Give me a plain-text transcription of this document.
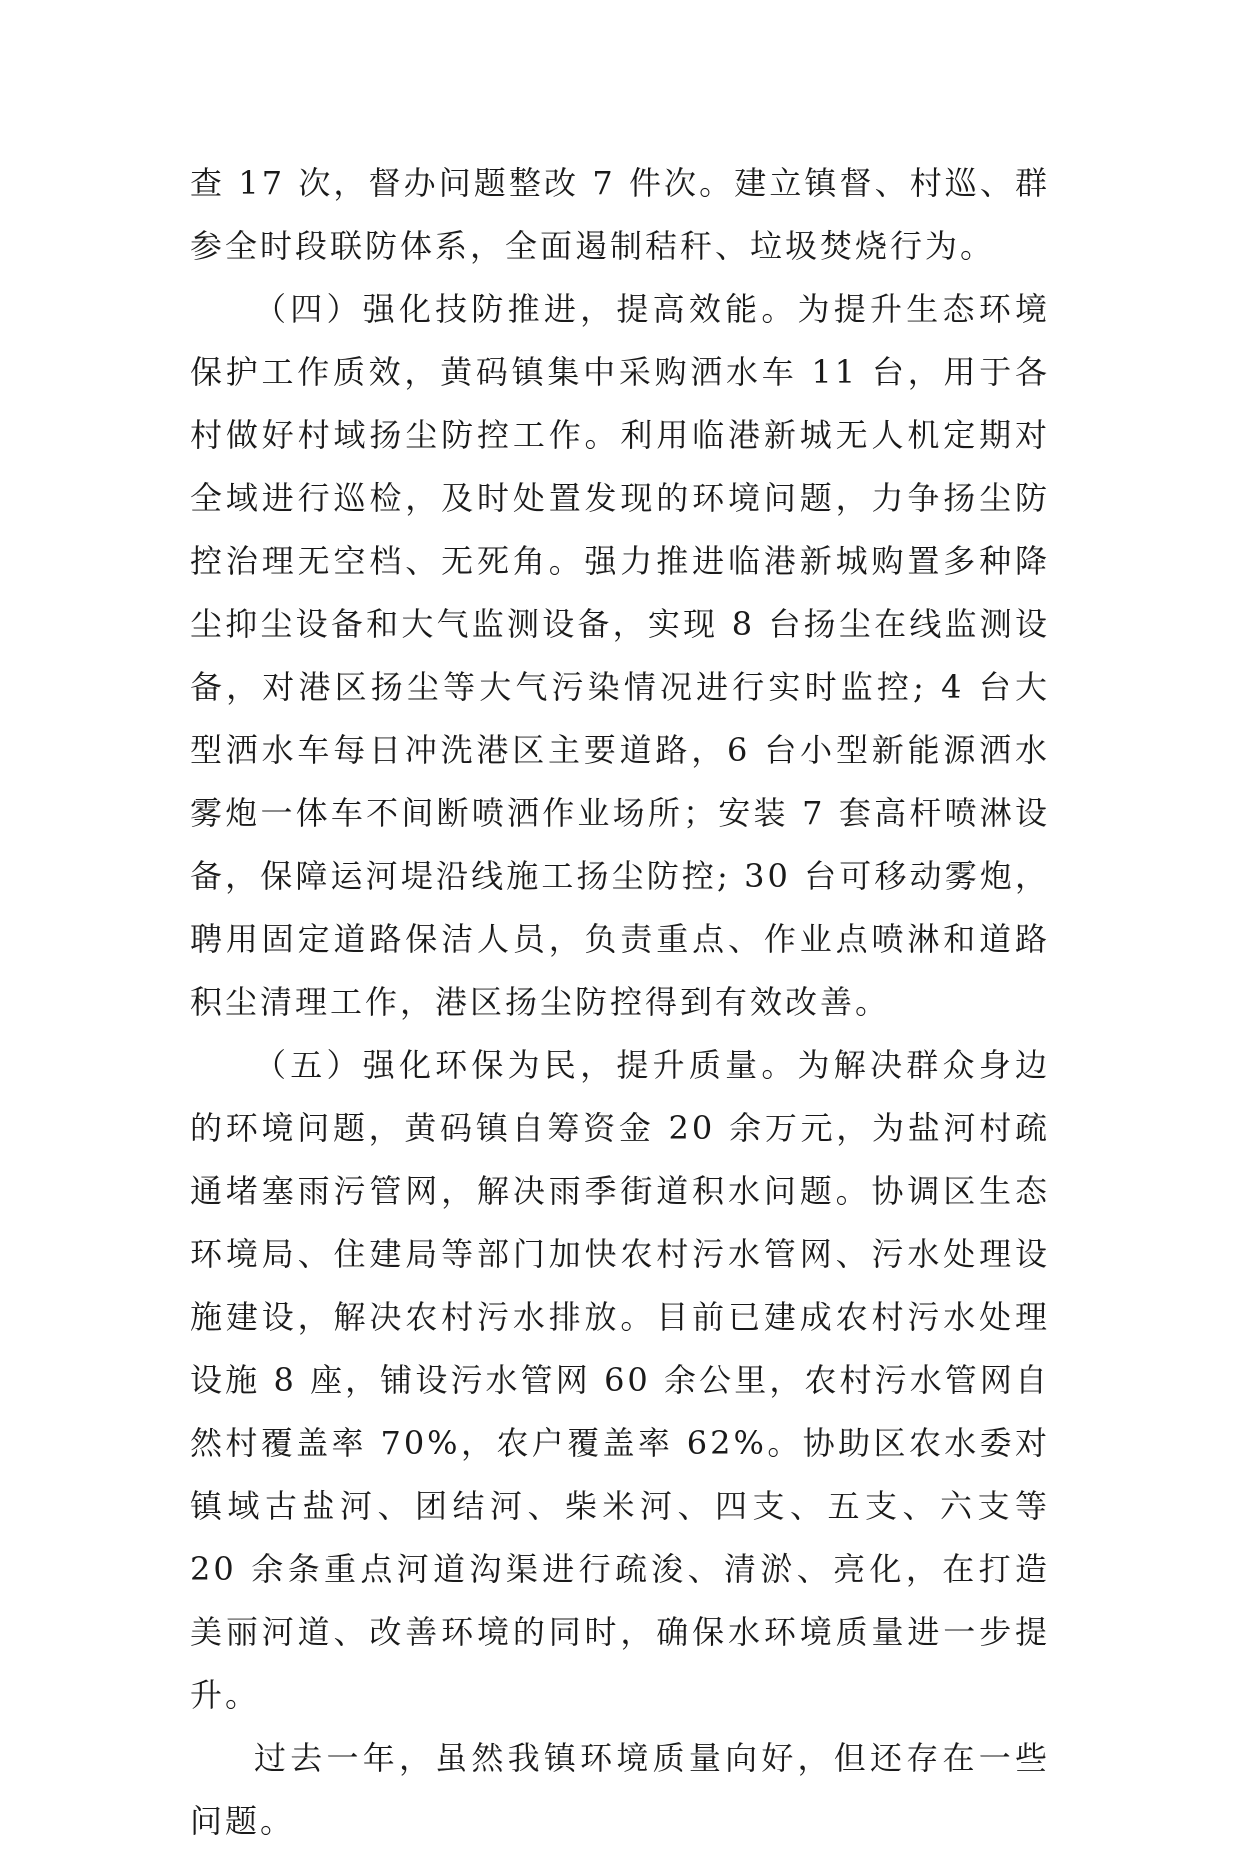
查 17 次，督办问题整改 7 件次。建立镇督、村巡、群参全时段联防体系，全面遏制秸秆、垃圾焚烧行为。

（四）强化技防推进，提高效能。为提升生态环境保护工作质效，黄码镇集中采购洒水车 11 台，用于各村做好村域扬尘防控工作。利用临港新城无人机定期对全域进行巡检，及时处置发现的环境问题，力争扬尘防控治理无空档、无死角。强力推进临港新城购置多种降尘抑尘设备和大气监测设备，实现 8 台扬尘在线监测设备，对港区扬尘等大气污染情况进行实时监控; 4 台大型洒水车每日冲洗港区主要道路，6 台小型新能源洒水雾炮一体车不间断喷洒作业场所；安装 7 套高杆喷淋设备，保障运河堤沿线施工扬尘防控; 30 台可移动雾炮，聘用固定道路保洁人员，负责重点、作业点喷淋和道路积尘清理工作，港区扬尘防控得到有效改善。

（五）强化环保为民，提升质量。为解决群众身边的环境问题，黄码镇自筹资金 20 余万元，为盐河村疏通堵塞雨污管网，解决雨季街道积水问题。协调区生态环境局、住建局等部门加快农村污水管网、污水处理设施建设，解决农村污水排放。目前已建成农村污水处理设施 8 座，铺设污水管网 60 余公里，农村污水管网自然村覆盖率 70%，农户覆盖率 62%。协助区农水委对镇域古盐河、团结河、柴米河、四支、五支、六支等 20 余条重点河道沟渠进行疏浚、清淤、亮化，在打造美丽河道、改善环境的同时，确保水环境质量进一步提升。

过去一年，虽然我镇环境质量向好，但还存在一些问题。
